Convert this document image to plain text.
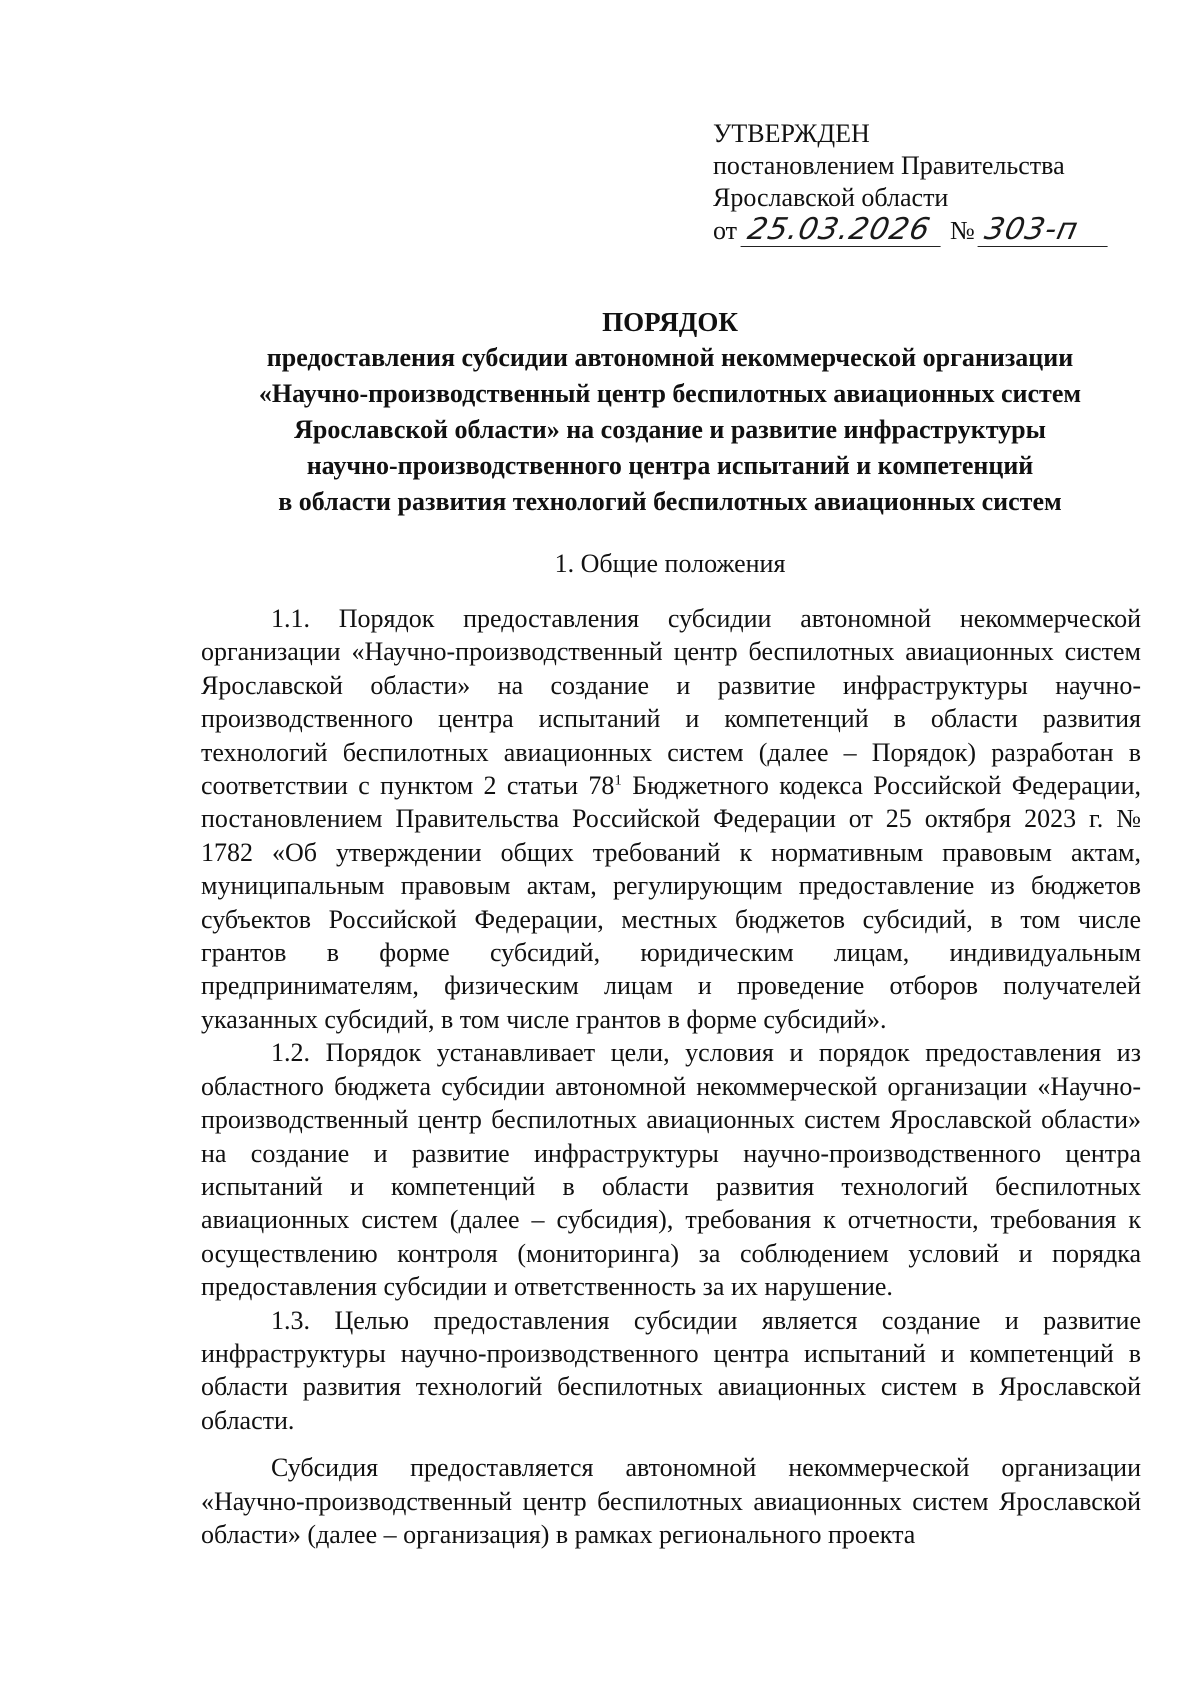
УТВЕРЖДЕН
постановлением Правительства
Ярославской области
от 25.03.2026 № 303-п
ПОРЯДОК
предоставления субсидии автономной некоммерческой организации
«Научно-производственный центр беспилотных авиационных систем
Ярославской области» на создание и развитие инфраструктуры
научно-производственного центра испытаний и компетенций
в области развития технологий беспилотных авиационных систем
1. Общие положения

1.1. Порядок предоставления субсидии автономной некоммерческой организации «Научно-производственный центр беспилотных авиационных систем Ярославской области» на создание и развитие инфраструктуры научно-производственного центра испытаний и компетенций в области развития технологий беспилотных авиационных систем (далее – Порядок) разработан в соответствии с пунктом 2 статьи $78^1$ Бюджетного кодекса Российской Федерации, постановлением Правительства Российской Федерации от 25 октября 2023 г. № 1782 «Об утверждении общих требований к нормативным правовым актам, муниципальным правовым актам, регулирующим предоставление из бюджетов субъектов Российской Федерации, местных бюджетов субсидий, в том числе грантов в форме субсидий, юридическим лицам, индивидуальным предпринимателям, физическим лицам и проведение отборов получателей указанных субсидий, в том числе грантов в форме субсидий».

1.2. Порядок устанавливает цели, условия и порядок предоставления из областного бюджета субсидии автономной некоммерческой организации «Научно-производственный центр беспилотных авиационных систем Ярославской области» на создание и развитие инфраструктуры научно-производственного центра испытаний и компетенций в области развития технологий беспилотных авиационных систем (далее – субсидия), требования к отчетности, требования к осуществлению контроля (мониторинга) за соблюдением условий и порядка предоставления субсидии и ответственность за их нарушение.

1.3. Целью предоставления субсидии является создание и развитие инфраструктуры научно-производственного центра испытаний и компетенций в области развития технологий беспилотных авиационных систем в Ярославской области.

Субсидия предоставляется автономной некоммерческой организации «Научно-производственный центр беспилотных авиационных систем Ярославской области» (далее – организация) в рамках регионального проекта
